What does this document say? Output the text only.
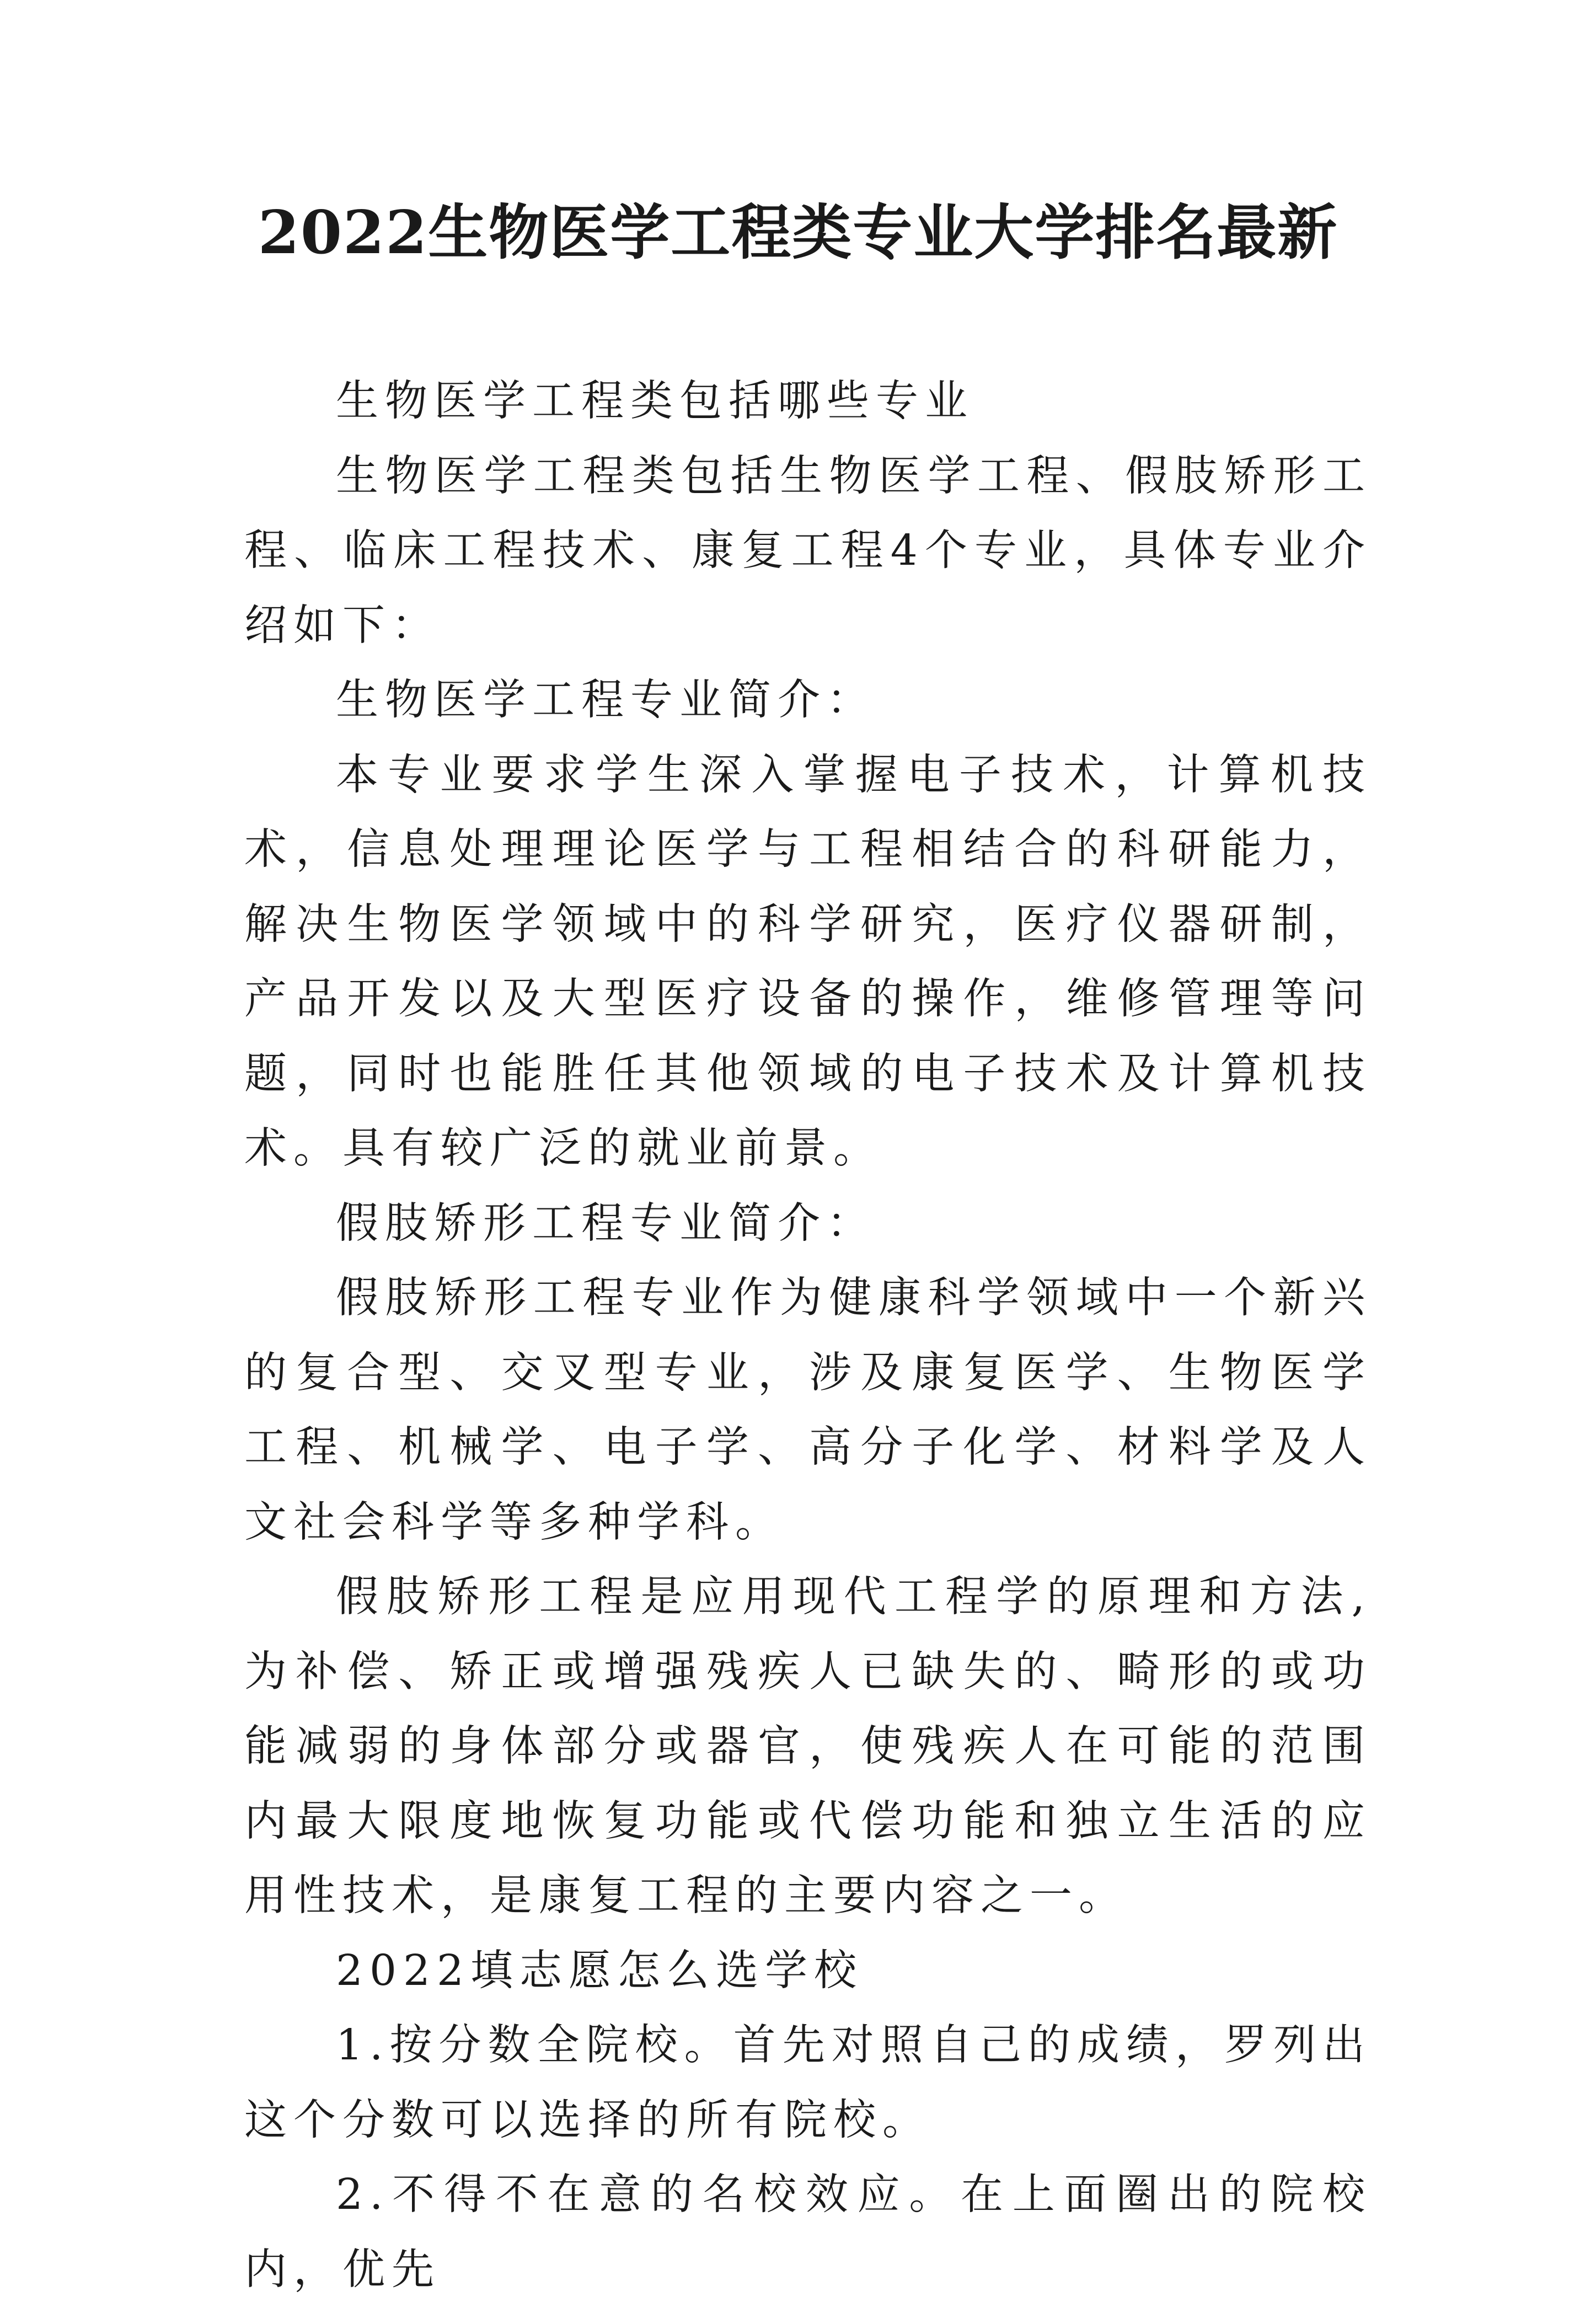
2022生物医学工程类专业大学排名最新

生物医学工程类包括哪些专业

生物医学工程类包括生物医学工程、假肢矫形工程、临床工程技术、康复工程4个专业，具体专业介绍如下：

生物医学工程专业简介：

本专业要求学生深入掌握电子技术，计算机技术，信息处理理论医学与工程相结合的科研能力，解决生物医学领域中的科学研究，医疗仪器研制，产品开发以及大型医疗设备的操作，维修管理等问题，同时也能胜任其他领域的电子技术及计算机技术。具有较广泛的就业前景。

假肢矫形工程专业简介：

假肢矫形工程专业作为健康科学领域中一个新兴的复合型、交叉型专业，涉及康复医学、生物医学工程、机械学、电子学、高分子化学、材料学及人文社会科学等多种学科。

假肢矫形工程是应用现代工程学的原理和方法,为补偿、矫正或增强残疾人已缺失的、畸形的或功能减弱的身体部分或器官，使残疾人在可能的范围内最大限度地恢复功能或代偿功能和独立生活的应用性技术，是康复工程的主要内容之一。

2022填志愿怎么选学校

1.按分数全院校。首先对照自己的成绩，罗列出这个分数可以选择的所有院校。

2.不得不在意的名校效应。在上面圈出的院校内，优先
